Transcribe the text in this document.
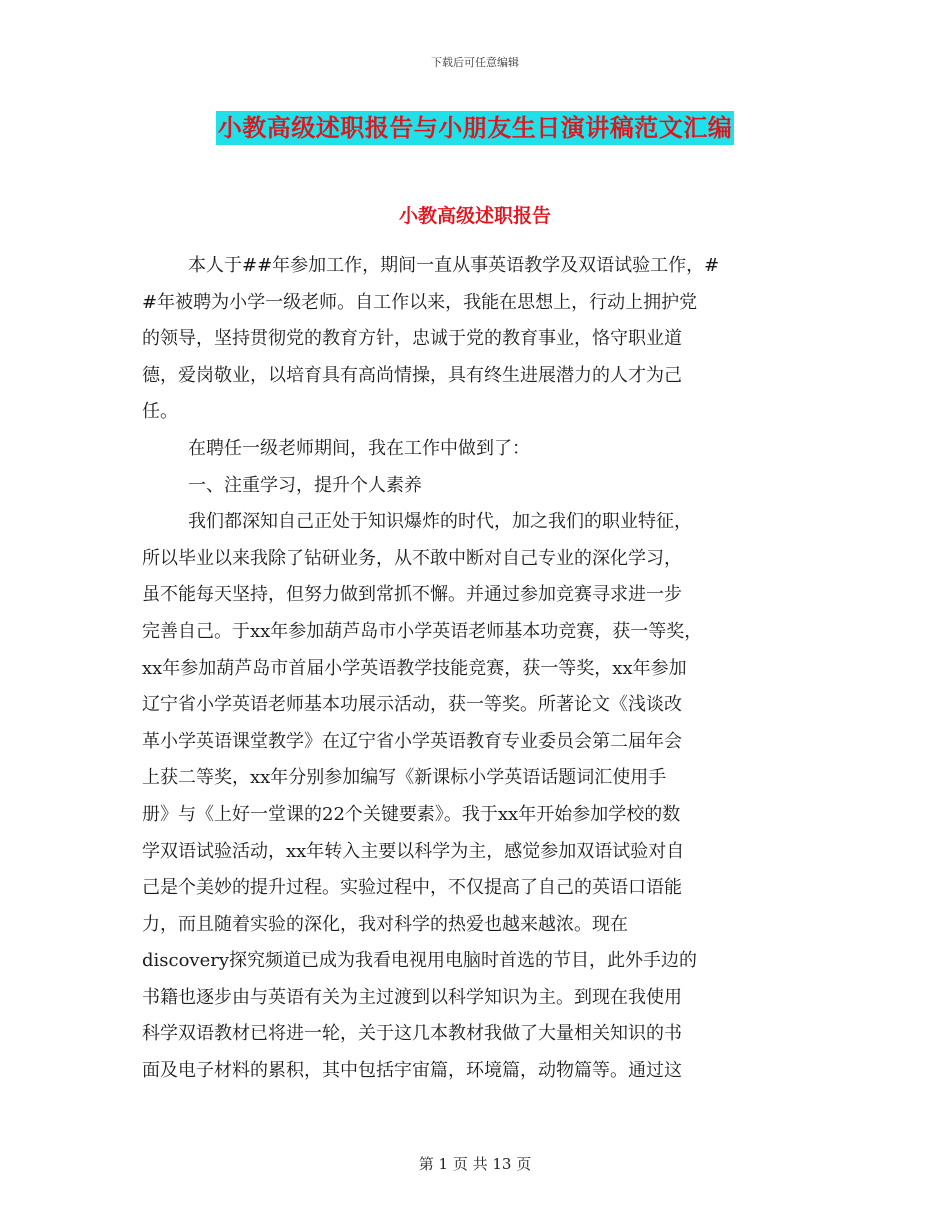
下载后可任意编辑
小教高级述职报告与小朋友生日演讲稿范文汇编
小教高级述职报告
本人于##年参加工作，期间一直从事英语教学及双语试验工作，#
#年被聘为小学一级老师。自工作以来，我能在思想上，行动上拥护党
的领导，坚持贯彻党的教育方针，忠诚于党的教育事业，恪守职业道
德，爱岗敬业，以培育具有高尚情操，具有终生进展潜力的人才为己
任。
在聘任一级老师期间，我在工作中做到了：
一、注重学习，提升个人素养
我们都深知自己正处于知识爆炸的时代，加之我们的职业特征，
所以毕业以来我除了钻研业务，从不敢中断对自己专业的深化学习，
虽不能每天坚持，但努力做到常抓不懈。并通过参加竞赛寻求进一步
完善自己。于xx年参加葫芦岛市小学英语老师基本功竞赛，获一等奖，
xx年参加葫芦岛市首届小学英语教学技能竞赛，获一等奖，xx年参加
辽宁省小学英语老师基本功展示活动，获一等奖。所著论文《浅谈改
革小学英语课堂教学》在辽宁省小学英语教育专业委员会第二届年会
上获二等奖，xx年分别参加编写《新课标小学英语话题词汇使用手
册》与《上好一堂课的22个关键要素》。我于xx年开始参加学校的数
学双语试验活动，xx年转入主要以科学为主，感觉参加双语试验对自
己是个美妙的提升过程。实验过程中，不仅提高了自己的英语口语能
力，而且随着实验的深化，我对科学的热爱也越来越浓。现在
discovery探究频道已成为我看电视用电脑时首选的节目，此外手边的
书籍也逐步由与英语有关为主过渡到以科学知识为主。到现在我使用
科学双语教材已将进一轮，关于这几本教材我做了大量相关知识的书
面及电子材料的累积，其中包括宇宙篇，环境篇，动物篇等。通过这
第 1 页 共 13 页
